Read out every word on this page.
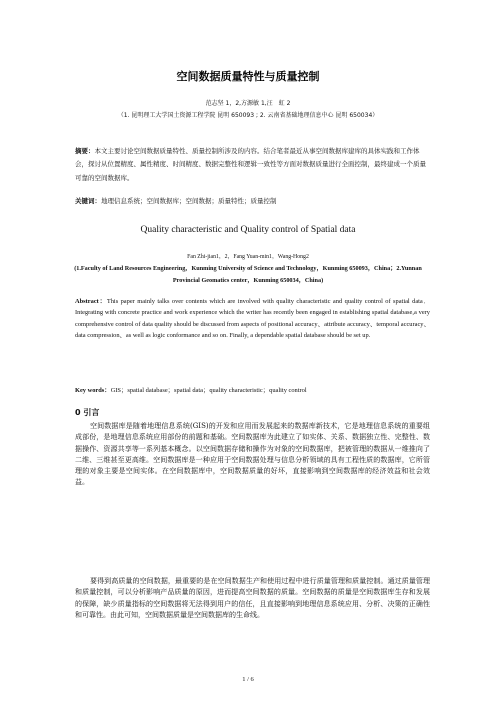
空间数据质量特性与质量控制
范志坚 1，2,方源敏 1,汪　虹 2
（1. 昆明理工大学国土资源工程学院 昆明 650093 ; 2. 云南省基础地理信息中心 昆明 650034）
摘要：本文主要讨论空间数据质量特性、质量控制所涉及的内容。结合笔者最近从事空间数据库建库的具体实践和工作体会，探讨从位置精度、属性精度、时间精度、数据完整性和逻辑一致性等方面对数据质量进行全面控制，最终建成一个质量可靠的空间数据库。
关键词：地理信息系统；空间数据库；空间数据；质量特性；质量控制
Quality characteristic and Quality control of Spatial data
Fan Zhi-jian1，2，Fang Yuan-min1，Wang-Hong2
(1.Faculty of Land Resources Engineering，Kunming University of Science and Technology，Kunming 650093，China；2.Yunnan Provincial Geomatics center，Kunming 650034，China)
Abstract：This paper mainly talks over contents which are involved with quality characteristic and quality control of spatial data． Integrating with concrete practice and work experience which the writer has recently been engaged in establishing spatial database,a very comprehensive control of data quality should be discussed from aspects of positional accuracy、attribute accuracy、temporal accuracy、data compression、as well as logic conformance and so on. Finally, a dependable spatial database should be set up.
Key words：GIS；spatial database；spatial data；quality characteristic；quality control
0 引言
空间数据库是随着地理信息系统(GIS)的开发和应用而发展起来的数据库新技术，它是地理信息系统的重要组成部份，是地理信息系统应用部份的前题和基础。空间数据库为此建立了如实体、关系、数据独立性、完整性、数据操作、资源共享等一系列基本概念。以空间数据存储和操作为对象的空间数据库，把被管理的数据从一维推向了二维、三维甚至更高维。空间数据库是一种应用于空间数据处理与信息分析领域的具有工程性质的数据库，它所管理的对象主要是空间实体。在空间数据库中，空间数据质量的好坏，直接影响到空间数据库的经济效益和社会效益。
要得到高质量的空间数据，最重要的是在空间数据生产和使用过程中进行质量管理和质量控制。通过质量管理和质量控制，可以分析影响产品质量的原因，进而提高空间数据的质量。空间数据的质量是空间数据库生存和发展的保障，缺少质量指标的空间数据将无法得到用户的信任，且直接影响到地理信息系统应用、分析、决策的正确性和可靠性。由此可知，空间数据质量是空间数据库的生命线。
1 / 6
